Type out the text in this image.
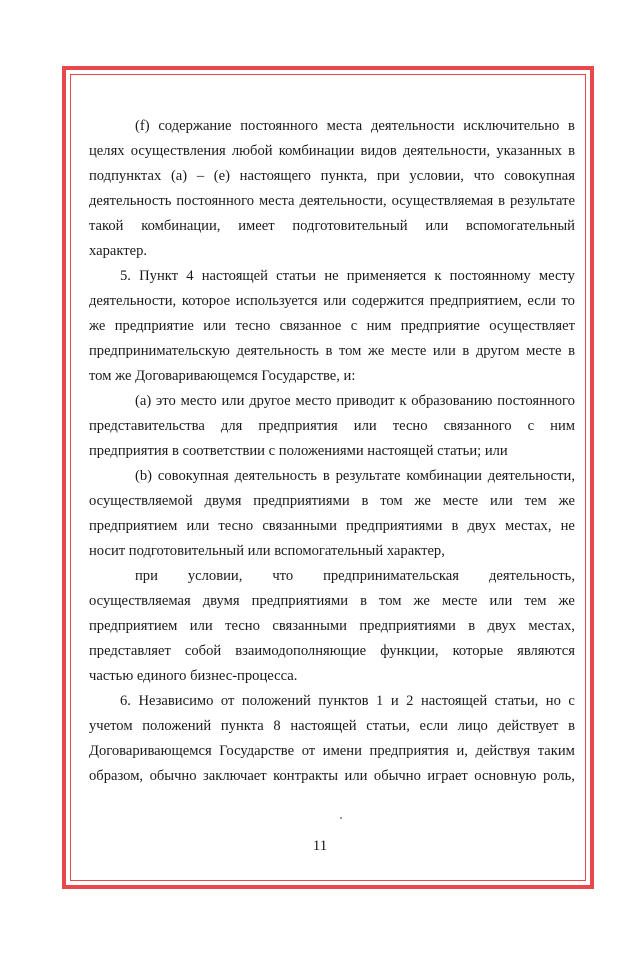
(f) содержание постоянного места деятельности исключительно в
целях осуществления любой комбинации видов деятельности, указанных в
подпунктах (а) – (е) настоящего пункта, при условии, что совокупная
деятельность постоянного места деятельности, осуществляемая в результате
такой комбинации, имеет подготовительный или вспомогательный
характер.
5. Пункт 4 настоящей статьи не применяется к постоянному месту
деятельности, которое используется или содержится предприятием, если то
же предприятие или тесно связанное с ним предприятие осуществляет
предпринимательскую деятельность в том же месте или в другом месте в
том же Договаривающемся Государстве, и:
(а) это место или другое место приводит к образованию постоянного
представительства для предприятия или тесно связанного с ним
предприятия в соответствии с положениями настоящей статьи; или
(b) совокупная деятельность в результате комбинации деятельности,
осуществляемой двумя предприятиями в том же месте или тем же
предприятием или тесно связанными предприятиями в двух местах, не
носит подготовительный или вспомогательный характер,
при условии, что предпринимательская деятельность,
осуществляемая двумя предприятиями в том же месте или тем же
предприятием или тесно связанными предприятиями в двух местах,
представляет собой взаимодополняющие функции, которые являются
частью единого бизнес-процесса.
6. Независимо от положений пунктов 1 и 2 настоящей статьи, но с
учетом положений пункта 8 настоящей статьи, если лицо действует в
Договаривающемся Государстве от имени предприятия и, действуя таким
образом, обычно заключает контракты или обычно играет основную роль,
11
